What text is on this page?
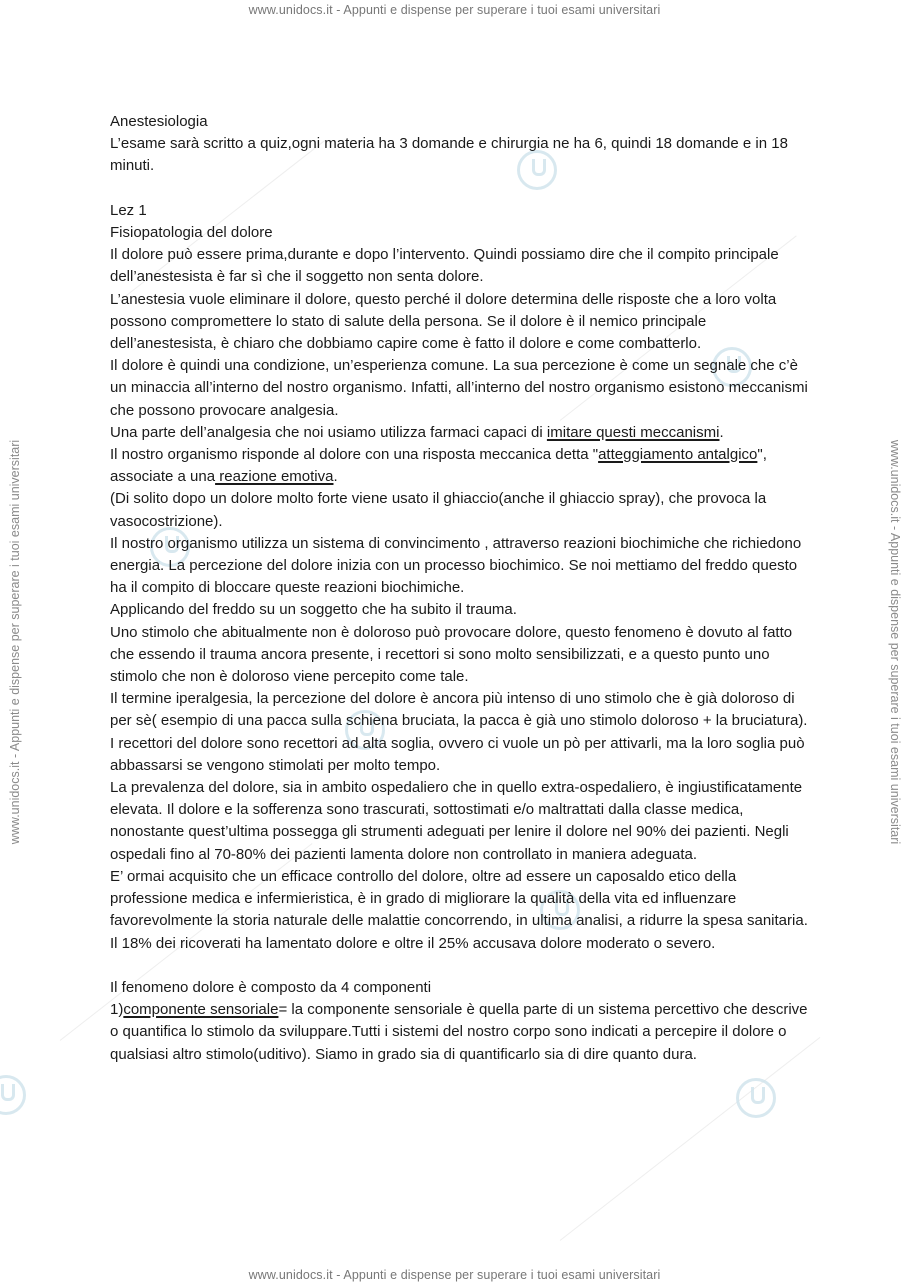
www.unidocs.it - Appunti e dispense per superare i tuoi esami universitari
www.unidocs.it - Appunti e dispense per superare i tuoi esami universitari
www.unidocs.it - Appunti e dispense per superare i tuoi esami universitari	www.unidocs.it - Appunti e dispense per superare i tuoi esami universitari

Anestesiologia

L’esame sarà scritto a quiz,ogni materia ha 3 domande e chirurgia ne ha 6, quindi 18 domande e in 18 minuti.

Lez 1

Fisiopatologia del dolore

Il dolore può essere prima,durante e dopo l’intervento. Quindi possiamo dire che il compito principale dell’anestesista è far sì che il soggetto non senta dolore.

L’anestesia vuole eliminare il dolore, questo perché il dolore determina delle risposte che a loro volta possono compromettere lo stato di salute della persona. Se il dolore è il nemico principale dell’anestesista, è chiaro che dobbiamo capire come è fatto il dolore e come combatterlo.

Il dolore è quindi una condizione, un’esperienza comune. La sua percezione è come un segnale che c’è un minaccia all’interno del nostro organismo. Infatti, all’interno del nostro organismo esistono meccanismi che possono provocare analgesia.

Una parte dell’analgesia che noi usiamo utilizza farmaci capaci di imitare questi meccanismi.

Il nostro organismo risponde al dolore con una risposta meccanica detta "atteggiamento antalgico", associate a una reazione emotiva.

(Di solito dopo un dolore molto forte viene usato il ghiaccio(anche il ghiaccio spray), che provoca la vasocostrizione).

Il nostro organismo utilizza un sistema di convincimento , attraverso reazioni biochimiche che richiedono energia. La percezione del dolore inizia con un processo biochimico. Se noi mettiamo del freddo questo ha il compito di bloccare queste reazioni biochimiche.

Applicando del freddo su un soggetto che ha subito il trauma.

Uno stimolo che abitualmente non è doloroso può provocare dolore, questo fenomeno è dovuto al fatto che essendo il trauma ancora presente, i recettori si sono molto sensibilizzati, e a questo punto uno stimolo che non è doloroso viene percepito come tale.

Il termine iperalgesia, la percezione del dolore è ancora più intenso di uno stimolo che è già doloroso di per sè( esempio di una pacca sulla schiena bruciata, la pacca è già uno stimolo doloroso + la bruciatura).

I recettori del dolore sono recettori ad alta soglia, ovvero ci vuole un pò per attivarli, ma la loro soglia può abbassarsi se vengono stimolati per molto tempo.

La prevalenza del dolore, sia in ambito ospedaliero che in quello extra-ospedaliero, è ingiustificatamente elevata. Il dolore e la sofferenza sono trascurati, sottostimati e/o maltrattati dalla classe medica, nonostante quest’ultima possegga gli strumenti adeguati per lenire il dolore nel 90% dei pazienti. Negli ospedali fino al 70-80% dei pazienti lamenta dolore non controllato in maniera adeguata.

E’ ormai acquisito che un efficace controllo del dolore, oltre ad essere un caposaldo etico della professione medica e infermieristica, è in grado di migliorare la qualità della vita ed influenzare favorevolmente la storia naturale delle malattie concorrendo, in ultima analisi, a ridurre la spesa sanitaria.

Il 18% dei ricoverati ha lamentato dolore e oltre il 25% accusava dolore moderato o severo.

Il fenomeno dolore è composto da 4 componenti

1)componente sensoriale= la componente sensoriale è quella parte di un sistema percettivo che descrive o quantifica lo stimolo da sviluppare.Tutti i sistemi del nostro corpo sono indicati a percepire il dolore o qualsiasi altro stimolo(uditivo). Siamo in grado sia di quantificarlo sia di dire quanto dura.
